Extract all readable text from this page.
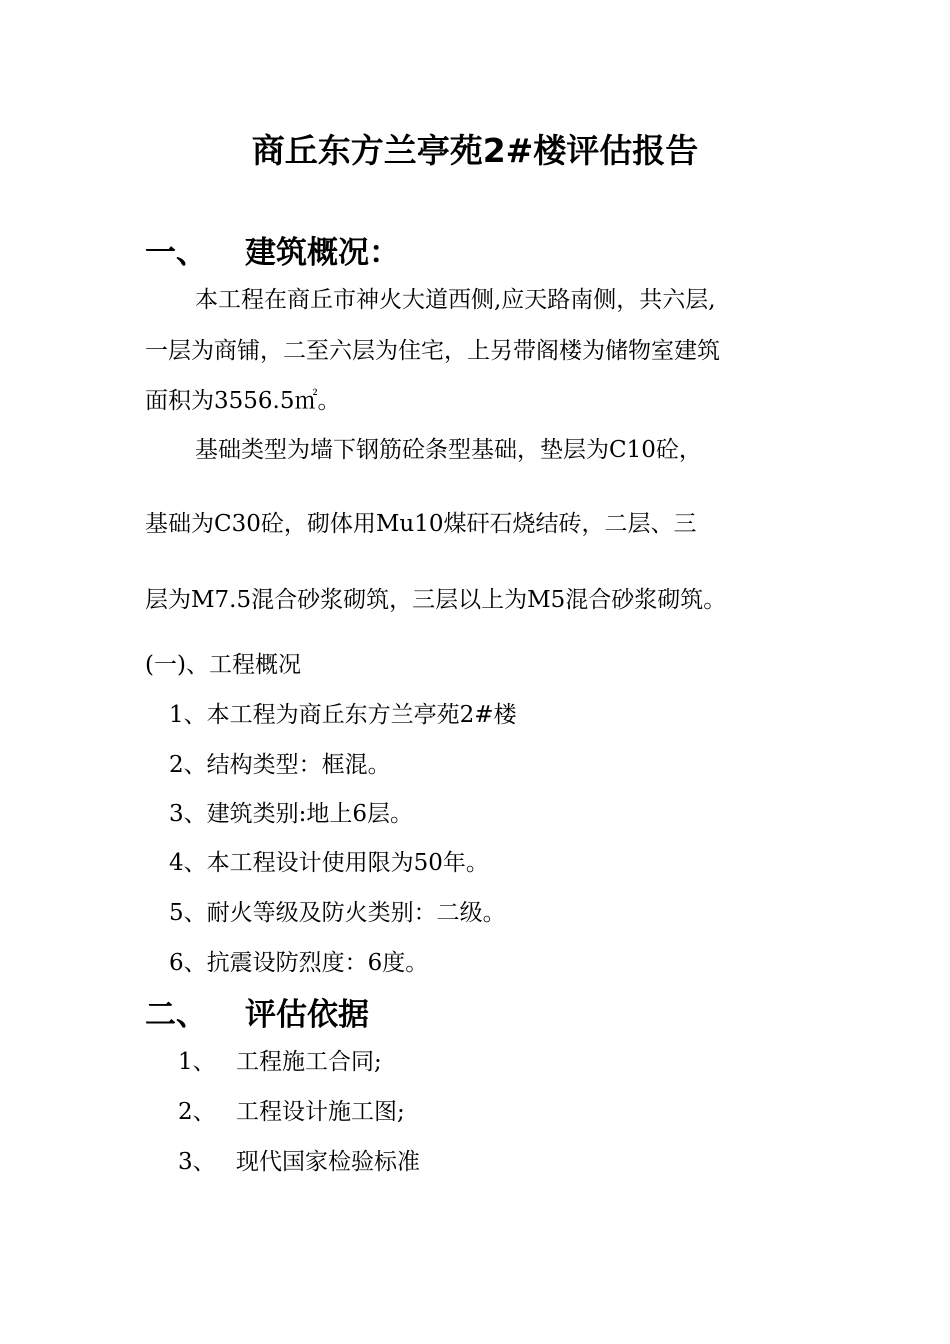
商丘东方兰亭苑2#楼评估报告
一、 建筑概况：
本工程在商丘市神火大道西侧,应天路南侧，共六层,
一层为商铺，二至六层为住宅，上另带阁楼为储物室建筑
面积为3556.5㎡。
基础类型为墙下钢筋砼条型基础，垫层为C10砼，
基础为C30砼，砌体用Mu10煤矸石烧结砖，二层、三
层为M7.5混合砂浆砌筑，三层以上为M5混合砂浆砌筑。
(一)、工程概况
1、本工程为商丘东方兰亭苑2#楼
2、结构类型：框混。
3、建筑类别:地上6层。
4、本工程设计使用限为50年。
5、耐火等级及防火类别：二级。
6、抗震设防烈度：6度。
二、 评估依据
1、 工程施工合同;
2、 工程设计施工图;
3、 现代国家检验标准
